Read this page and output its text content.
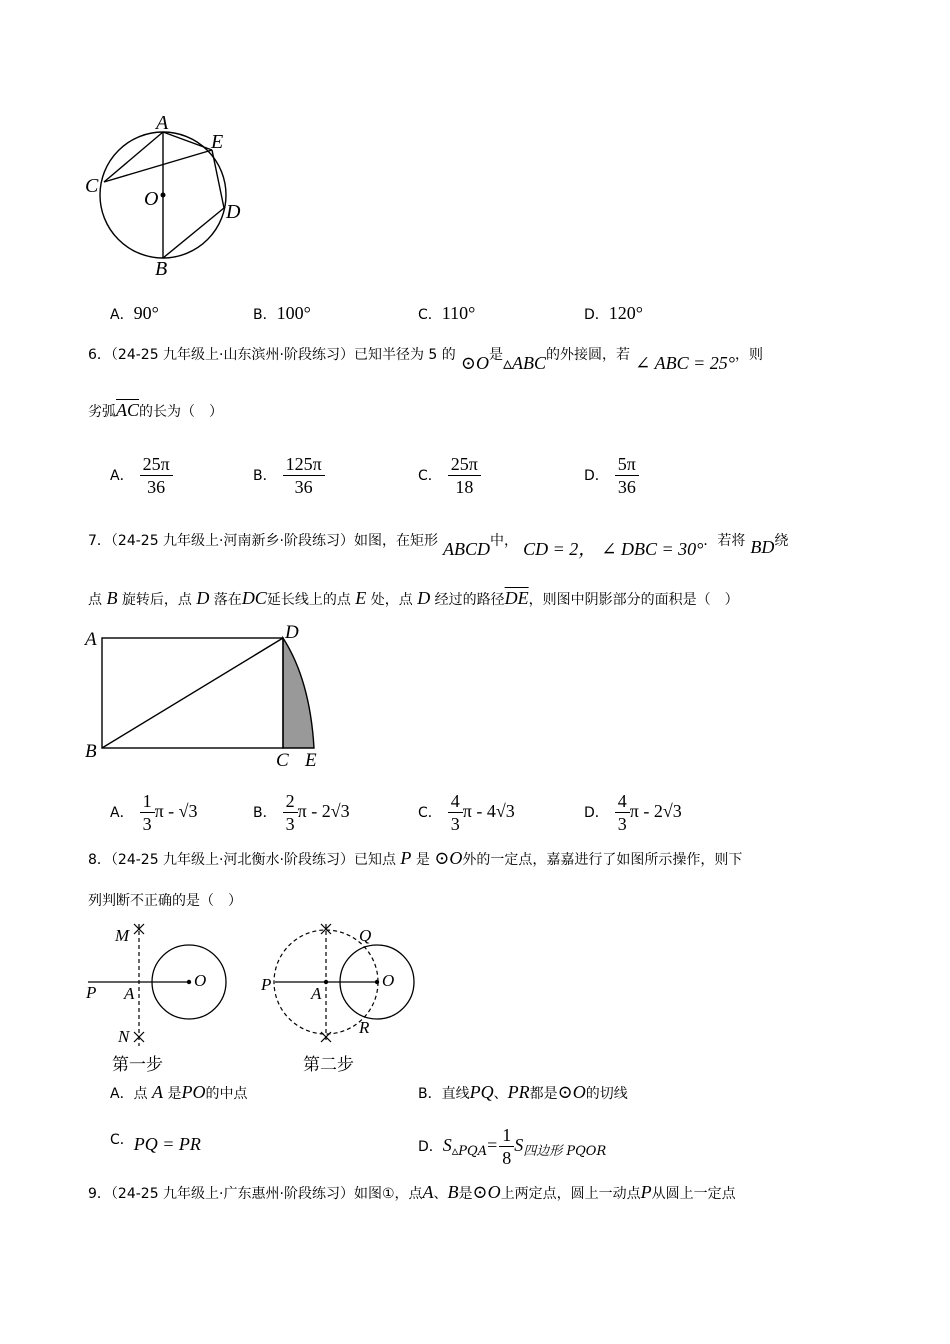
A
E
C
O
D
B
A．90°	B．100°	C．110°	D．120°
6．（24-25 九年级上·山东滨州·阶段练习）已知半径为 5 的 ⊙O是▵ABC的外接圆，若 ∠ ABC = 25°，则
劣弧$\overline{AC}$的长为（　）
A． $\frac{25\pi}{36}$	B． $\frac{125\pi}{36}$	C． $\frac{25\pi}{18}$	D． $\frac{5\pi}{36}$
7．（24-25 九年级上·河南新乡·阶段练习）如图，在矩形 ABCD中， CD = 2， ∠ DBC = 30°．若将 BD绕
点 B 旋转后，点 D 落在DC延长线上的点 E 处，点 D 经过的路径$\overline{DE}$，则图中阴影部分的面积是（　）
A	D
B	C E
A． $\frac{1}{3}$ π - √3	B． $\frac{2}{3}$ π - 2√3	C． $\frac{4}{3}$ π - 4√3	D． $\frac{4}{3}$ π - 2√3
8．（24-25 九年级上·河北衡水·阶段练习）已知点 P 是 ⊙O外的一定点，嘉嘉进行了如图所示操作，则下
列判断不正确的是（　）
M
P A
O
N
第一步
Q
P A
O
R
第二步
A．点 A 是PO的中点	B．直线PQ、PR都是⊙O的切线
C．PQ = PR	D．$S_{▵PQA}= \frac{1}{8} S_{四边形 PQOR}$
9．（24-25 九年级上·广东惠州·阶段练习）如图①，点A、B是⊙O上两定点，圆上一动点P从圆上一定点
